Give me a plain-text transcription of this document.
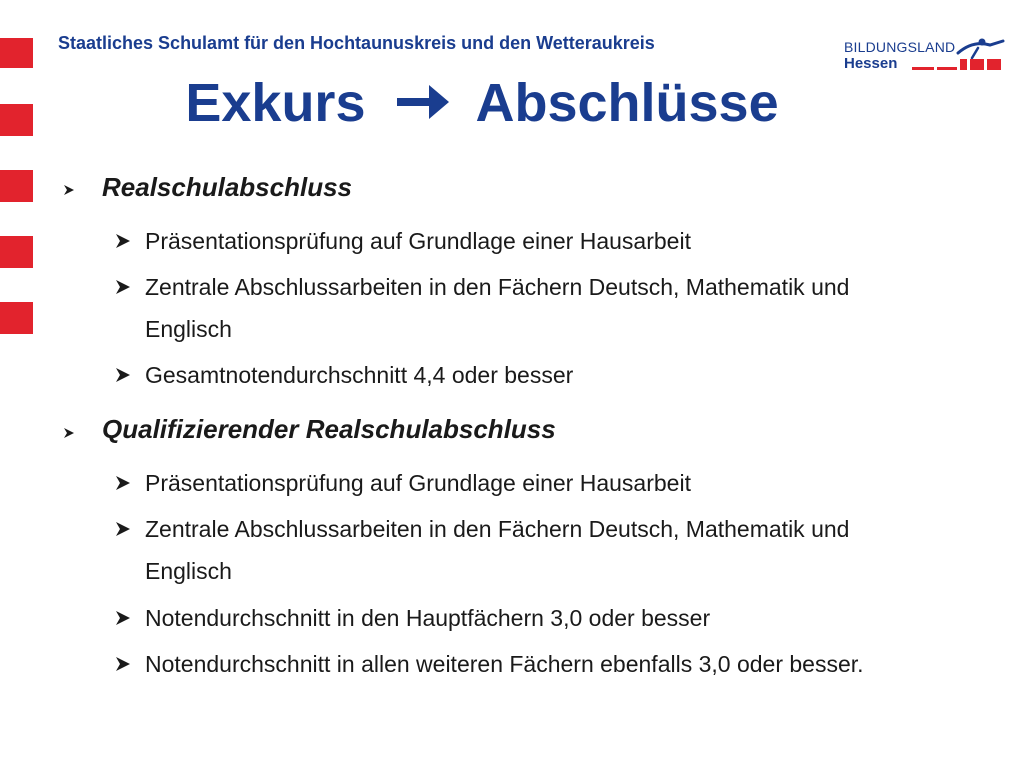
Staatliches Schulamt für den Hochtaunuskreis und den Wetteraukreis	BILDUNGSLAND
Hessen
Exkurs Abschlüsse
Realschulabschluss
Präsentationsprüfung auf Grundlage einer Hausarbeit
Zentrale Abschlussarbeiten in den Fächern Deutsch, Mathematik und
Englisch
Gesamtnotendurchschnitt 4,4 oder besser
Qualifizierender Realschulabschluss
Präsentationsprüfung auf Grundlage einer Hausarbeit
Zentrale Abschlussarbeiten in den Fächern Deutsch, Mathematik und
Englisch
Notendurchschnitt in den Hauptfächern 3,0 oder besser
Notendurchschnitt in allen weiteren Fächern ebenfalls 3,0 oder besser.
